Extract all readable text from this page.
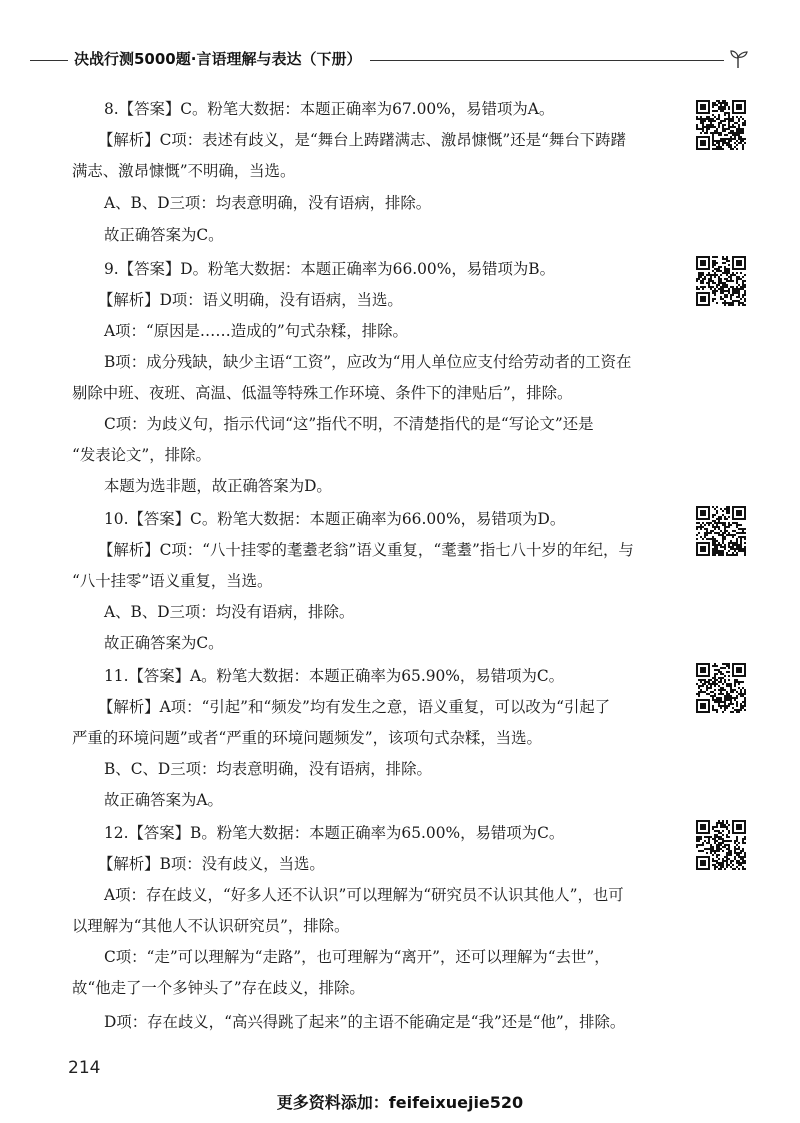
决战行测5000题·言语理解与表达（下册）
8.【答案】C。粉笔大数据：本题正确率为67.00%，易错项为A。
【解析】C项：表述有歧义，是“舞台上踌躇满志、激昂慷慨”还是“舞台下踌躇
满志、激昂慷慨”不明确，当选。
A、B、D三项：均表意明确，没有语病，排除。
故正确答案为C。
9.【答案】D。粉笔大数据：本题正确率为66.00%，易错项为B。
【解析】D项：语义明确，没有语病，当选。
A项：“原因是……造成的”句式杂糅，排除。
B项：成分残缺，缺少主语“工资”，应改为“用人单位应支付给劳动者的工资在
剔除中班、夜班、高温、低温等特殊工作环境、条件下的津贴后”，排除。
C项：为歧义句，指示代词“这”指代不明，不清楚指代的是“写论文”还是
“发表论文”，排除。
本题为选非题，故正确答案为D。
10.【答案】C。粉笔大数据：本题正确率为66.00%，易错项为D。
【解析】C项：“八十挂零的耄耋老翁”语义重复，“耄耋”指七八十岁的年纪，与
“八十挂零”语义重复，当选。
A、B、D三项：均没有语病，排除。
故正确答案为C。
11.【答案】A。粉笔大数据：本题正确率为65.90%，易错项为C。
【解析】A项：“引起”和“频发”均有发生之意，语义重复，可以改为“引起了
严重的环境问题”或者“严重的环境问题频发”，该项句式杂糅，当选。
B、C、D三项：均表意明确，没有语病，排除。
故正确答案为A。
12.【答案】B。粉笔大数据：本题正确率为65.00%，易错项为C。
【解析】B项：没有歧义，当选。
A项：存在歧义，“好多人还不认识”可以理解为“研究员不认识其他人”，也可
以理解为“其他人不认识研究员”，排除。
C项：“走”可以理解为“走路”，也可理解为“离开”，还可以理解为“去世”，
故“他走了一个多钟头了”存在歧义，排除。
D项：存在歧义，“高兴得跳了起来”的主语不能确定是“我”还是“他”，排除。
214
更多资料添加：feifeixuejie520
